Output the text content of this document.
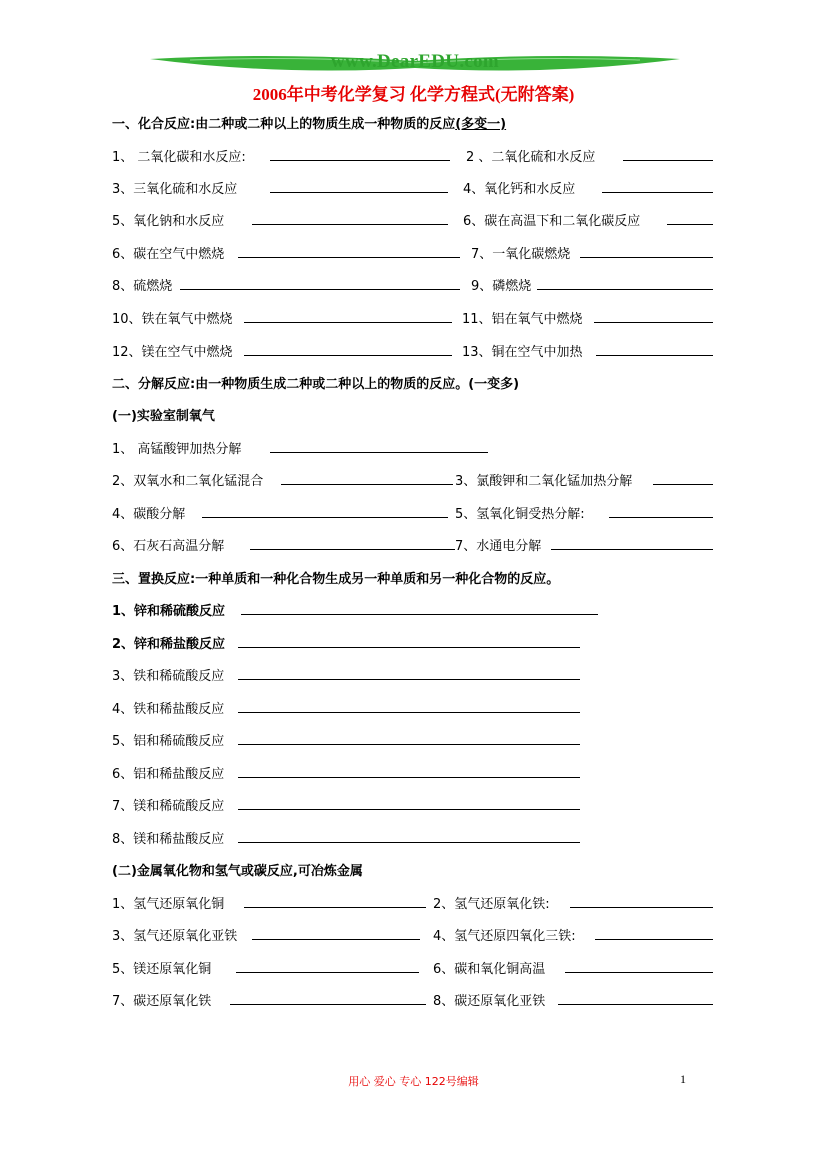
www.DearEDU.com
2006年中考化学复习 化学方程式(无附答案)
一、化合反应:由二种或二种以上的物质生成一种物质的反应(多变一)
1、 二氧化碳和水反应:	2 、二氧化硫和水反应
3、三氧化硫和水反应	4、氧化钙和水反应
5、氧化钠和水反应	6、碳在高温下和二氧化碳反应
6、碳在空气中燃烧	7、一氧化碳燃烧
8、硫燃烧	9、磷燃烧
10、铁在氧气中燃烧	11、铝在氧气中燃烧
12、镁在空气中燃烧	13、铜在空气中加热
二、分解反应:由一种物质生成二种或二种以上的物质的反应。(一变多)
(一)实验室制氧气
1、 高锰酸钾加热分解
2、双氧水和二氧化锰混合	3、氯酸钾和二氧化锰加热分解
4、碳酸分解	5、氢氧化铜受热分解:
6、石灰石高温分解	7、水通电分解
三、置换反应:一种单质和一种化合物生成另一种单质和另一种化合物的反应。
1、锌和稀硫酸反应
2、锌和稀盐酸反应
3、铁和稀硫酸反应
4、铁和稀盐酸反应
5、铝和稀硫酸反应
6、铝和稀盐酸反应
7、镁和稀硫酸反应
8、镁和稀盐酸反应
(二)金属氧化物和氢气或碳反应,可冶炼金属
1、氢气还原氧化铜	2、氢气还原氧化铁:
3、氢气还原氧化亚铁	4、氢气还原四氧化三铁:
5、镁还原氧化铜	6、碳和氧化铜高温
7、碳还原氧化铁	8、碳还原氧化亚铁
用心 爱心 专心 122号编辑	1
